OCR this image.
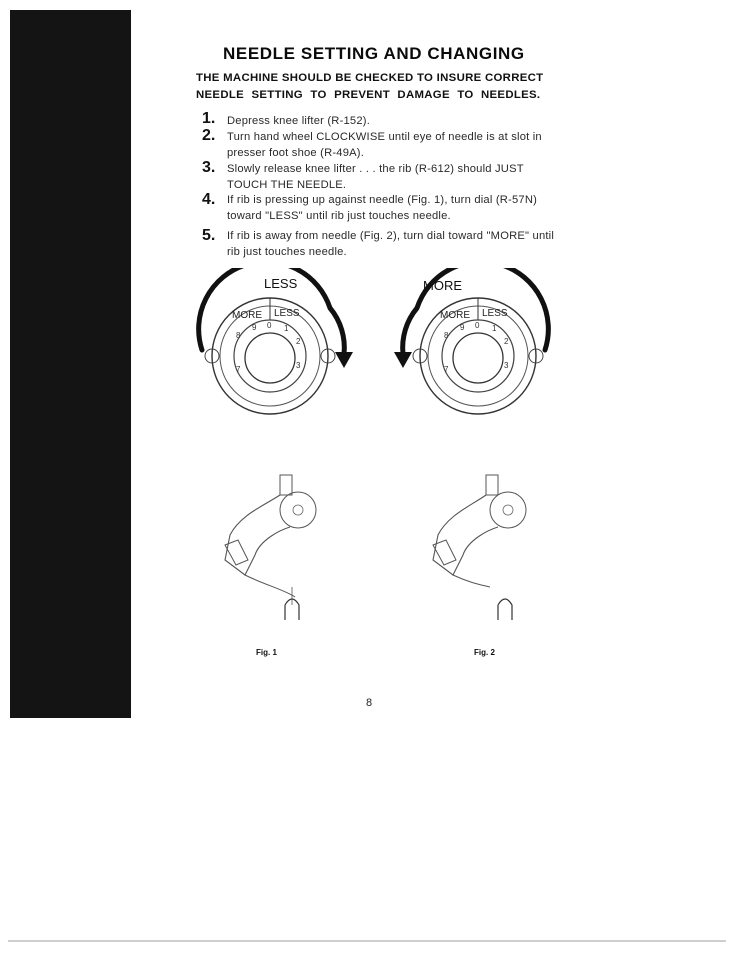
NEEDLE SETTING AND CHANGING
THE MACHINE SHOULD BE CHECKED TO INSURE CORRECT
NEEDLE SETTING TO PREVENT DAMAGE TO NEEDLES.
1. Depress knee lifter (R-152).
2. Turn hand wheel CLOCKWISE until eye of needle is at slot in presser foot shoe (R-49A).
3. Slowly release knee lifter . . . the rib (R-612) should JUST TOUCH THE NEEDLE.
4. If rib is pressing up against needle (Fig. 1), turn dial (R-57N) toward "LESS" until rib just touches needle.
5. If rib is away from needle (Fig. 2), turn dial toward "MORE" until rib just touches needle.
LESS
MORE LESS
8
9 0 1
2
3
7
MORE
MORE LESS
8
9 0 1
2
3
7
Fig. 1	Fig. 2
8
